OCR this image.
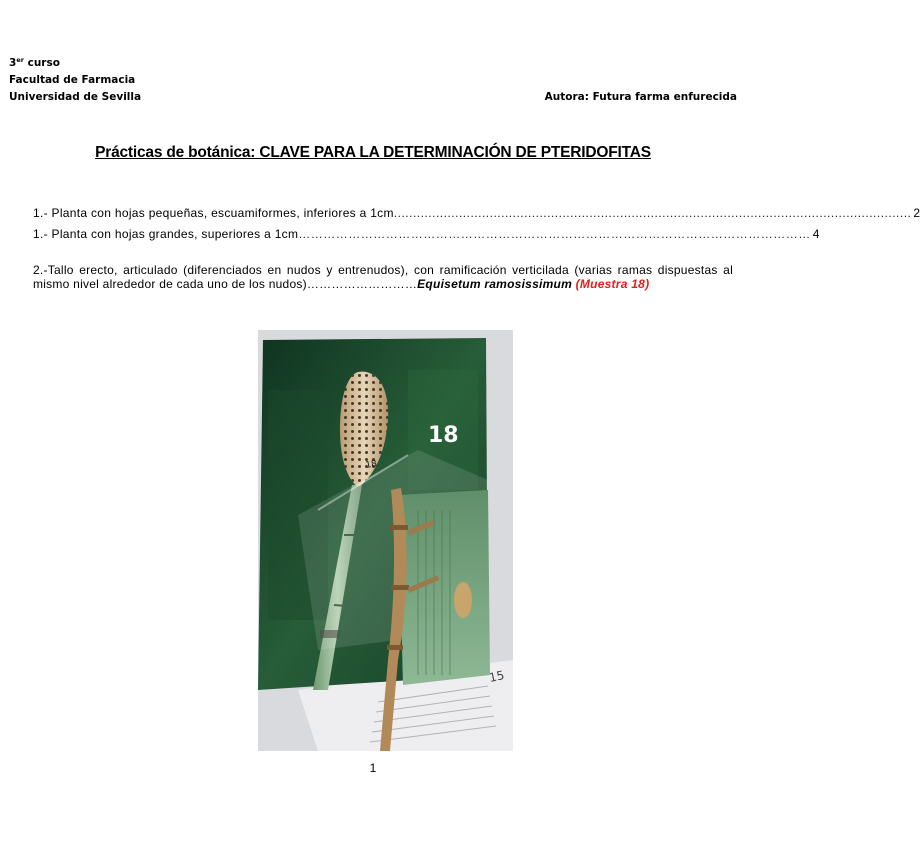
3er curso
Facultad de Farmacia
Universidad de Sevilla	Autora: Futura farma enfurecida
Prácticas de botánica: CLAVE PARA LA DETERMINACIÓN DE PTERIDOFITAS
1.- Planta con hojas pequeñas, escuamiformes, inferiores a 1cm ....................................................................................................................................... 2
1.- Planta con hojas grandes, superiores a 1cm …………………………………………………………………………………………………………… 4
2.-Tallo erecto, articulado (diferenciados en nudos y entrenudos), con ramificación verticilada (varias ramas dispuestas al mismo nivel alrededor de cada uno de los nudos)………………………Equisetum ramosissimum (Muestra 18)
15
18
18
1
